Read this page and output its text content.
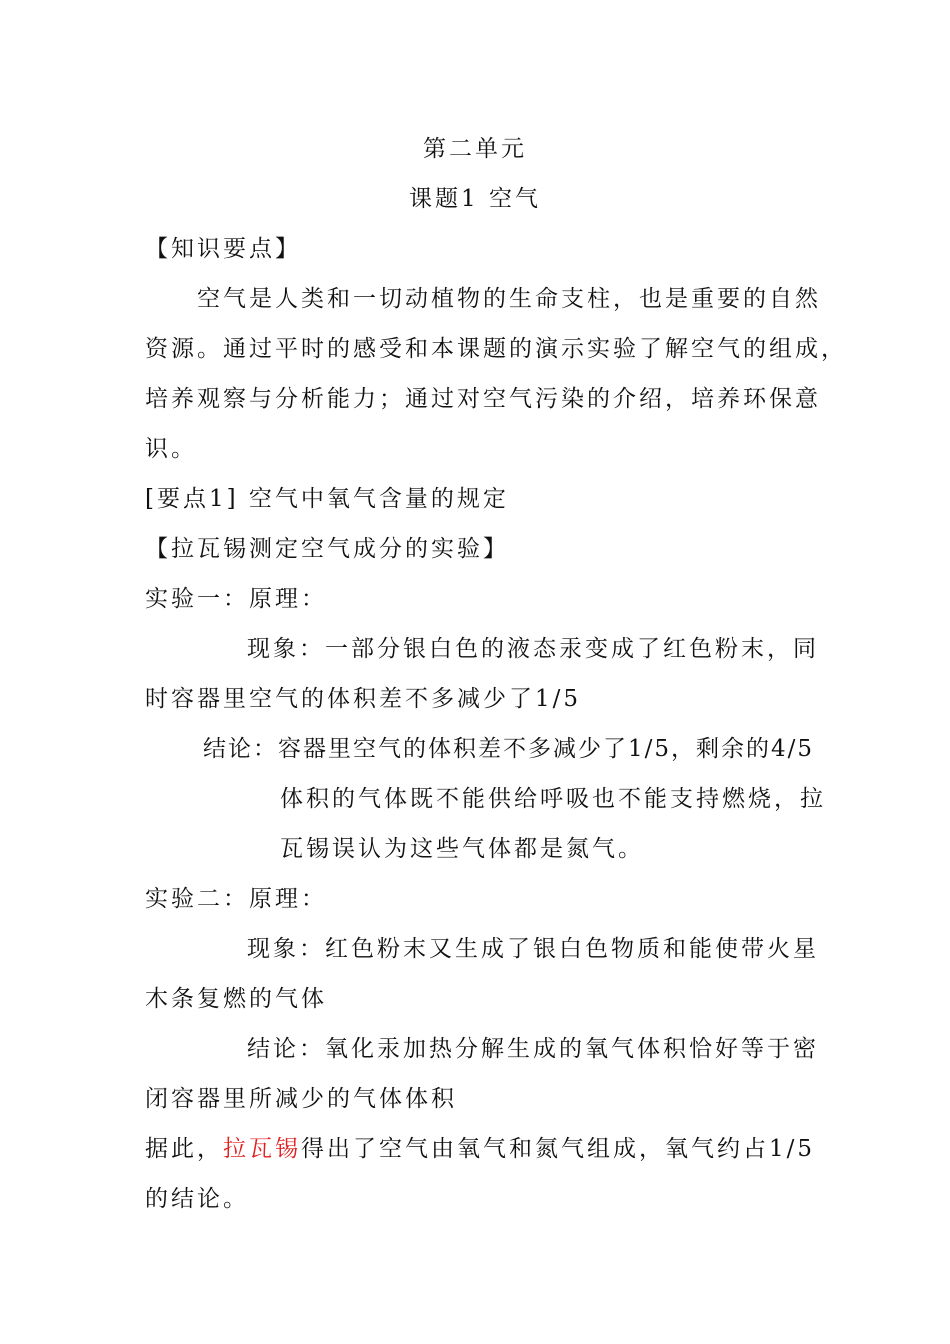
第二单元
课题1 空气
【知识要点】
空气是人类和一切动植物的生命支柱，也是重要的自然
资源。通过平时的感受和本课题的演示实验了解空气的组成，
培养观察与分析能力；通过对空气污染的介绍，培养环保意
识。
[要点1] 空气中氧气含量的规定
【拉瓦锡测定空气成分的实验】
实验一：原理：
现象：一部分银白色的液态汞变成了红色粉末，同
时容器里空气的体积差不多减少了1/5
结论：容器里空气的体积差不多减少了1/5，剩余的4/5
体积的气体既不能供给呼吸也不能支持燃烧，拉
瓦锡误认为这些气体都是氮气。
实验二：原理：
现象：红色粉末又生成了银白色物质和能使带火星
木条复燃的气体
结论：氧化汞加热分解生成的氧气体积恰好等于密
闭容器里所减少的气体体积
据此，拉瓦锡得出了空气由氧气和氮气组成，氧气约占1/5
的结论。
